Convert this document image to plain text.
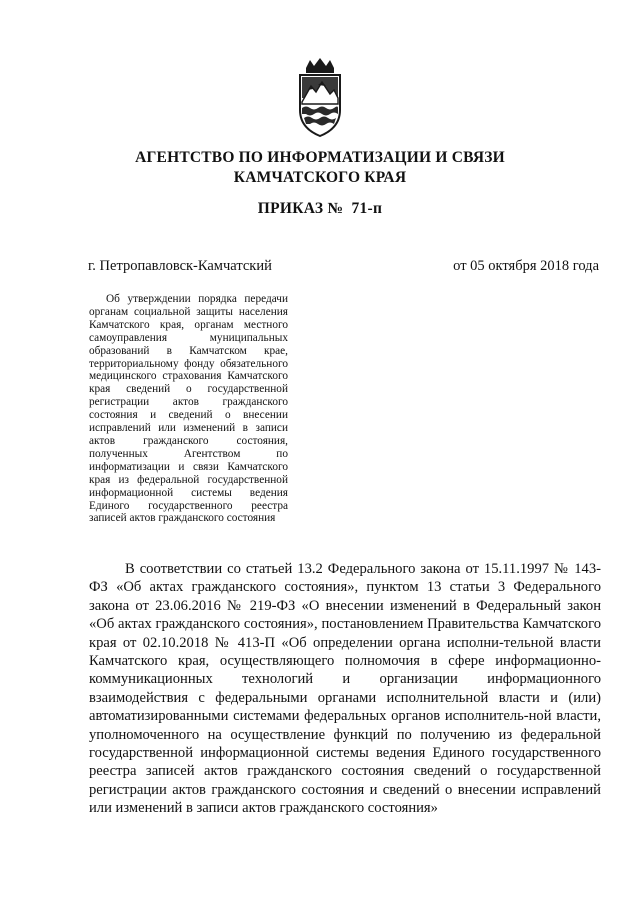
АГЕНТСТВО ПО ИНФОРМАТИЗАЦИИ И СВЯЗИ
КАМЧАТСКОГО КРАЯ
ПРИКАЗ № 71-п
г. Петропавловск-Камчатский	от 05 октября 2018 года
Об утверждении порядка передачи органам социальной защиты населения Камчатского края, органам местного самоуправления муниципальных образований в Камчатском крае, территориальному фонду обязательного медицинского страхования Камчатского края сведений о государственной регистрации актов гражданского состояния и сведений о внесении исправлений или изменений в записи актов гражданского состояния, полученных Агентством по информатизации и связи Камчатского края из федеральной государственной информационной системы ведения Единого государственного реестра записей актов гражданского состояния
В соответствии со статьей 13.2 Федерального закона от 15.11.1997 № 143-ФЗ «Об актах гражданского состояния», пунктом 13 статьи 3 Федерального закона от 23.06.2016 № 219-ФЗ «О внесении изменений в Федеральный закон «Об актах гражданского состояния», постановлением Правительства Камчатского края от 02.10.2018 № 413-П «Об определении органа исполни-тельной власти Камчатского края, осуществляющего полномочия в сфере информационно-коммуникационных технологий и организации информационного взаимодействия с федеральными органами исполнительной власти и (или) автоматизированными системами федеральных органов исполнитель-ной власти, уполномоченного на осуществление функций по получению из федеральной государственной информационной системы ведения Единого государственного реестра записей актов гражданского состояния сведений о государственной регистрации актов гражданского состояния и сведений о внесении исправлений или изменений в записи актов гражданского состояния»
